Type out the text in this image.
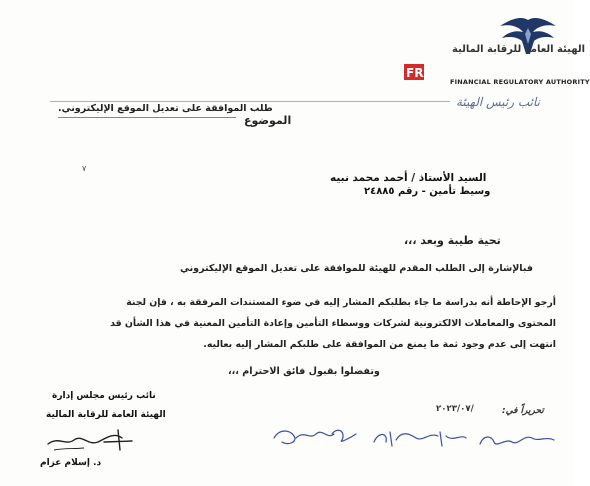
الهيئة العامة للرقابة المالية
FRA
FINANCIAL REGULATORY AUTHORITY
نائب رئيس الهيئة
الموضوع
طلب الموافقة على تعديل الموقع الإليكتروني.
٧
السيد الأستاذ / أحمد محمد نبيه
وسيط تأمين - رقم ٢٤٨٨٥
تحية طيبة وبعد ،،،
فبالإشارة إلى الطلب المقدم للهيئة للموافقة على تعديل الموقع الإليكتروني
أرجو الإحاطة أنه بدراسة ما جاء بطلبكم المشار إليه في ضوء المستندات المرفقة به ، فإن لجنة المحتوى والمعاملات الالكترونية لشركات ووسطاء التأمين وإعادة التأمين المعنية في هذا الشأن قد انتهت إلى عدم وجود ثمة ما يمنع من الموافقة على طلبكم المشار إليه بعاليه.
وتفضلوا بقبول فائق الاحترام ،،،
نائب رئيس مجلس إدارة
الهيئة العامة للرقابة المالية
د. إسلام عزام
تحريراً في:
٢٠٢٣/٠٧/
